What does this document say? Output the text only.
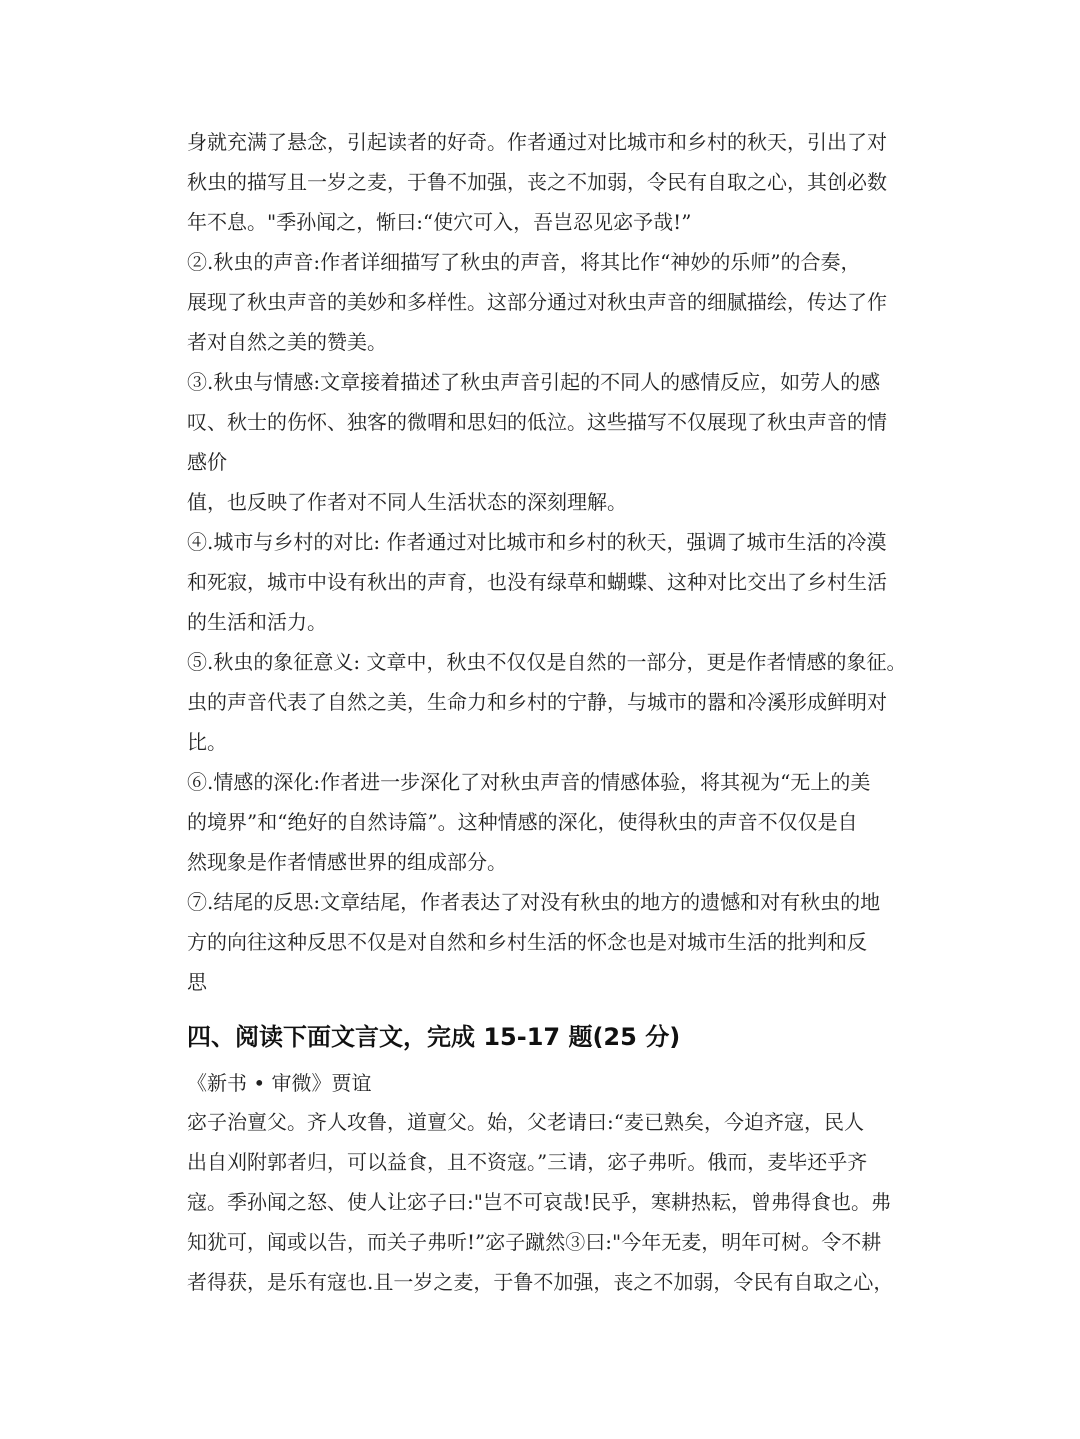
身就充满了悬念，引起读者的好奇。作者通过对比城市和乡村的秋天，引出了对
秋虫的描写且一岁之麦，于鲁不加强，丧之不加弱，令民有自取之心，其创必数
年不息。"季孙闻之，惭曰:“使穴可入，吾岂忍见宓予哉!”
②.秋虫的声音:作者详细描写了秋虫的声音，将其比作“神妙的乐师”的合奏，
展现了秋虫声音的美妙和多样性。这部分通过对秋虫声音的细腻描绘，传达了作
者对自然之美的赞美。
③.秋虫与情感:文章接着描述了秋虫声音引起的不同人的感情反应，如劳人的感
叹、秋士的伤怀、独客的微喟和思妇的低泣。这些描写不仅展现了秋虫声音的情
感价
值，也反映了作者对不同人生活状态的深刻理解。
④.城市与乡村的对比: 作者通过对比城市和乡村的秋天，强调了城市生活的冷漠
和死寂，城市中设有秋出的声育，也没有绿草和蝴蝶、这种对比交出了乡村生活
的生活和活力。
⑤.秋虫的象征意义: 文章中，秋虫不仅仅是自然的一部分，更是作者情感的象征。
虫的声音代表了自然之美，生命力和乡村的宁静，与城市的嚣和冷溪形成鲜明对
比。
⑥.情感的深化:作者进一步深化了对秋虫声音的情感体验，将其视为“无上的美
的境界”和“绝好的自然诗篇”。这种情感的深化，使得秋虫的声音不仅仅是自
然现象是作者情感世界的组成部分。
⑦.结尾的反思:文章结尾，作者表达了对没有秋虫的地方的遗憾和对有秋虫的地
方的向往这种反思不仅是对自然和乡村生活的怀念也是对城市生活的批判和反
思
四、阅读下面文言文，完成 15-17 题(25 分)
《新书 • 审微》贾谊
宓子治亶父。齐人攻鲁，道亶父。始，父老请曰:“麦已熟矣，今迫齐寇，民人
出自刈附郭者归，可以益食，且不资寇。”三请，宓子弗听。俄而，麦毕还乎齐
寇。季孙闻之怒、使人让宓子曰:"岂不可哀哉!民乎，寒耕热耘，曾弗得食也。弗
知犹可，闻或以告，而关子弗听!”宓子蹴然③曰:"今年无麦，明年可树。令不耕
者得获，是乐有寇也.且一岁之麦，于鲁不加强，丧之不加弱，令民有自取之心，
